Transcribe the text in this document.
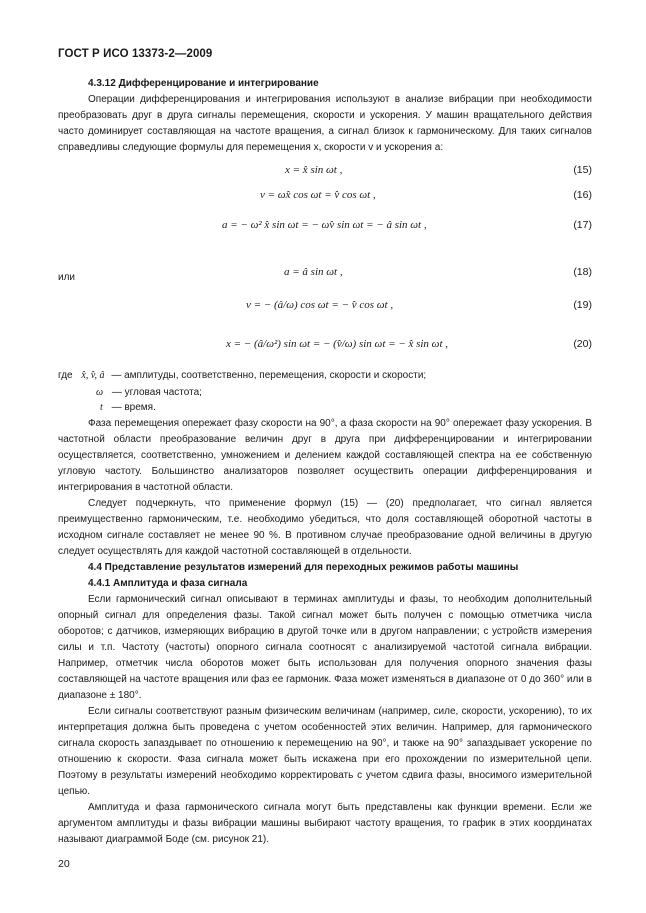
ГОСТ Р ИСО 13373-2—2009

4.3.12 Дифференцирование и интегрирование

Операции дифференцирования и интегрирования используют в анализе вибрации при необходимости преобразовать друг в друга сигналы перемещения, скорости и ускорения. У машин вращательного действия часто доминирует составляющая на частоте вращения, а сигнал близок к гармоническому. Для таких сигналов справедливы следующие формулы для перемещения x, скорости v и ускорения a:

x = x̂ sin ωt ,	(15)
v = ωx̂ cos ωt = v̂ cos ωt ,	(16)
a = − ω² x̂ sin ωt = − ωv̂ sin ωt = − â sin ωt ,	(17)
или	a = â sin ωt ,	(18)
v = − (â/ω) cos ωt = − v̂ cos ωt ,	(19)
x = − (â/ω²) sin ωt = − (v̂/ω) sin ωt = − x̂ sin ωt ,	(20)
где x̂, v̂, â — амплитуды, соответственно, перемещения, скорости и скорости;
ω — угловая частота;
t — время.

Фаза перемещения опережает фазу скорости на 90°, а фаза скорости на 90° опережает фазу ускорения. В частотной области преобразование величин друг в друга при дифференцировании и интегрировании осуществляется, соответственно, умножением и делением каждой составляющей спектра на ее собственную угловую частоту. Большинство анализаторов позволяет осуществить операции дифференцирования и интегрирования в частотной области.

Следует подчеркнуть, что применение формул (15) — (20) предполагает, что сигнал является преимущественно гармоническим, т.е. необходимо убедиться, что доля составляющей оборотной частоты в исходном сигнале составляет не менее 90 %. В противном случае преобразование одной величины в другую следует осуществлять для каждой частотной составляющей в отдельности.

4.4 Представление результатов измерений для переходных режимов работы машины

4.4.1 Амплитуда и фаза сигнала

Если гармонический сигнал описывают в терминах амплитуды и фазы, то необходим дополнительный опорный сигнал для определения фазы. Такой сигнал может быть получен с помощью отметчика числа оборотов; с датчиков, измеряющих вибрацию в другой точке или в другом направлении; с устройств измерения силы и т.п. Частоту (частоты) опорного сигнала соотносят с анализируемой частотой сигнала вибрации. Например, отметчик числа оборотов может быть использован для получения опорного значения фазы составляющей на частоте вращения или фаз ее гармоник. Фаза может изменяться в диапазоне от 0 до 360° или в диапазоне ± 180°.

Если сигналы соответствуют разным физическим величинам (например, силе, скорости, ускорению), то их интерпретация должна быть проведена с учетом особенностей этих величин. Например, для гармонического сигнала скорость запаздывает по отношению к перемещению на 90°, и также на 90° запаздывает ускорение по отношению к скорости. Фаза сигнала может быть искажена при его прохождении по измерительной цепи. Поэтому в результаты измерений необходимо корректировать с учетом сдвига фазы, вносимого измерительной цепью.

Амплитуда и фаза гармонического сигнала могут быть представлены как функции времени. Если же аргументом амплитуды и фазы вибрации машины выбирают частоту вращения, то график в этих координатах называют диаграммой Боде (см. рисунок 21).

20
